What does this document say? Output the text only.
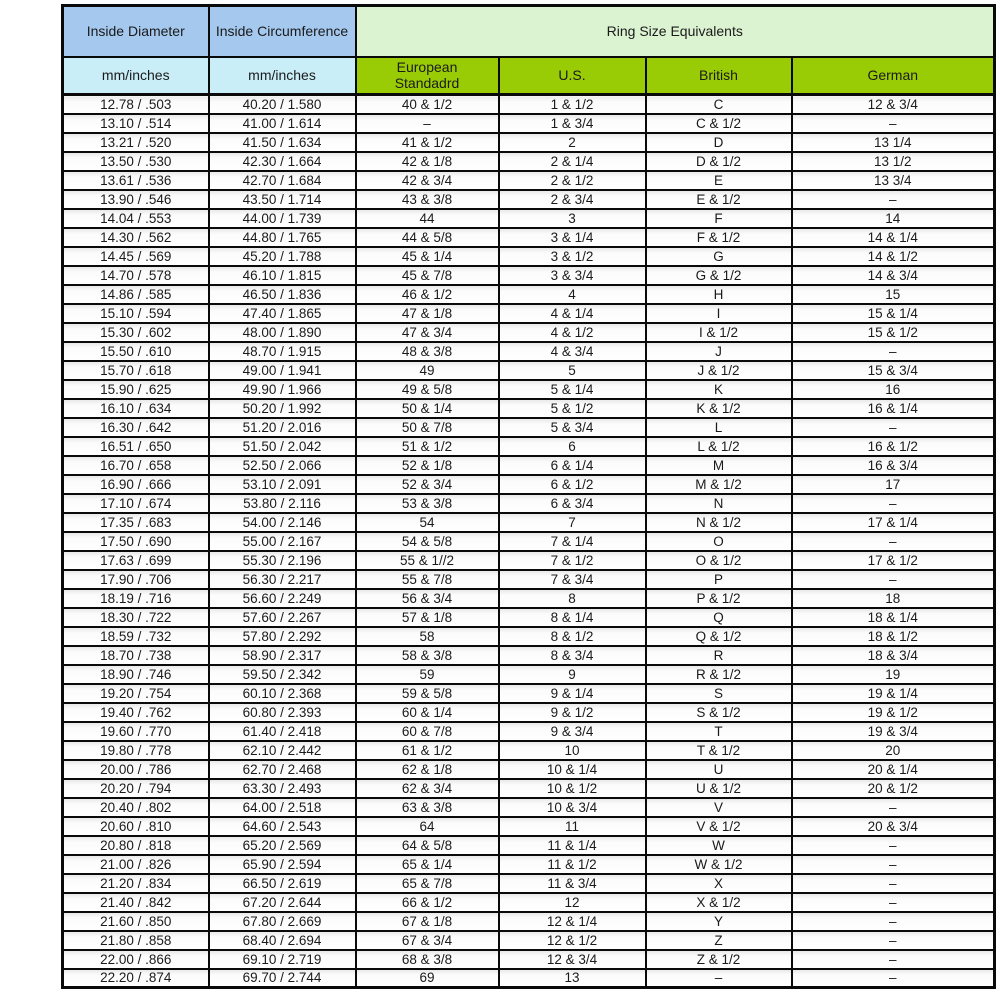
Inside Diameter	Inside Circumference	Ring Size Equivalents			
mm/inches	mm/inches	European Standadrd	U.S.	British	German
12.78 / .503	40.20 / 1.580	40 & 1/2	1 & 1/2	C	12 & 3/4
13.10 / .514	41.00 / 1.614	–	1 & 3/4	C & 1/2	–
13.21 / .520	41.50 / 1.634	41 & 1/2	2	D	13 1/4
13.50 / .530	42.30 / 1.664	42 & 1/8	2 & 1/4	D & 1/2	13 1/2
13.61 / .536	42.70 / 1.684	42 & 3/4	2 & 1/2	E	13 3/4
13.90 / .546	43.50 / 1.714	43 & 3/8	2 & 3/4	E & 1/2	–
14.04 / .553	44.00 / 1.739	44	3	F	14
14.30 / .562	44.80 / 1.765	44 & 5/8	3 & 1/4	F & 1/2	14 & 1/4
14.45 / .569	45.20 / 1.788	45 & 1/4	3 & 1/2	G	14 & 1/2
14.70 / .578	46.10 / 1.815	45 & 7/8	3 & 3/4	G & 1/2	14 & 3/4
14.86 / .585	46.50 / 1.836	46 & 1/2	4	H	15
15.10 / .594	47.40 / 1.865	47 & 1/8	4 & 1/4	I	15 & 1/4
15.30 / .602	48.00 / 1.890	47 & 3/4	4 & 1/2	I & 1/2	15 & 1/2
15.50 / .610	48.70 / 1.915	48 & 3/8	4 & 3/4	J	–
15.70 / .618	49.00 / 1.941	49	5	J & 1/2	15 & 3/4
15.90 / .625	49.90 / 1.966	49 & 5/8	5 & 1/4	K	16
16.10 / .634	50.20 / 1.992	50 & 1/4	5 & 1/2	K & 1/2	16 & 1/4
16.30 / .642	51.20 / 2.016	50 & 7/8	5 & 3/4	L	–
16.51 / .650	51.50 / 2.042	51 & 1/2	6	L & 1/2	16 & 1/2
16.70 / .658	52.50 / 2.066	52 & 1/8	6 & 1/4	M	16 & 3/4
16.90 / .666	53.10 / 2.091	52 & 3/4	6 & 1/2	M & 1/2	17
17.10 / .674	53.80 / 2.116	53 & 3/8	6 & 3/4	N	–
17.35 / .683	54.00 / 2.146	54	7	N & 1/2	17 & 1/4
17.50 / .690	55.00 / 2.167	54 & 5/8	7 & 1/4	O	–
17.63 / .699	55.30 / 2.196	55 & 1//2	7 & 1/2	O & 1/2	17 & 1/2
17.90 / .706	56.30 / 2.217	55 & 7/8	7 & 3/4	P	–
18.19 / .716	56.60 / 2.249	56 & 3/4	8	P & 1/2	18
18.30 / .722	57.60 / 2.267	57 & 1/8	8 & 1/4	Q	18 & 1/4
18.59 / .732	57.80 / 2.292	58	8 & 1/2	Q & 1/2	18 & 1/2
18.70 / .738	58.90 / 2.317	58 & 3/8	8 & 3/4	R	18 & 3/4
18.90 / .746	59.50 / 2.342	59	9	R & 1/2	19
19.20 / .754	60.10 / 2.368	59 & 5/8	9 & 1/4	S	19 & 1/4
19.40 / .762	60.80 / 2.393	60 & 1/4	9 & 1/2	S & 1/2	19 & 1/2
19.60 / .770	61.40 / 2.418	60 & 7/8	9 & 3/4	T	19 & 3/4
19.80 / .778	62.10 / 2.442	61 & 1/2	10	T & 1/2	20
20.00 / .786	62.70 / 2.468	62 & 1/8	10 & 1/4	U	20 & 1/4
20.20 / .794	63.30 / 2.493	62 & 3/4	10 & 1/2	U & 1/2	20 & 1/2
20.40 / .802	64.00 / 2.518	63 & 3/8	10 & 3/4	V	–
20.60 / .810	64.60 / 2.543	64	11	V & 1/2	20 & 3/4
20.80 / .818	65.20 / 2.569	64 & 5/8	11 & 1/4	W	–
21.00 / .826	65.90 / 2.594	65 & 1/4	11 & 1/2	W & 1/2	–
21.20 / .834	66.50 / 2.619	65 & 7/8	11 & 3/4	X	–
21.40 / .842	67.20 / 2.644	66 & 1/2	12	X & 1/2	–
21.60 / .850	67.80 / 2.669	67 & 1/8	12 & 1/4	Y	–
21.80 / .858	68.40 / 2.694	67 & 3/4	12 & 1/2	Z	–
22.00 / .866	69.10 / 2.719	68 & 3/8	12 & 3/4	Z & 1/2	–
22.20 / .874	69.70 / 2.744	69	13	–	–
